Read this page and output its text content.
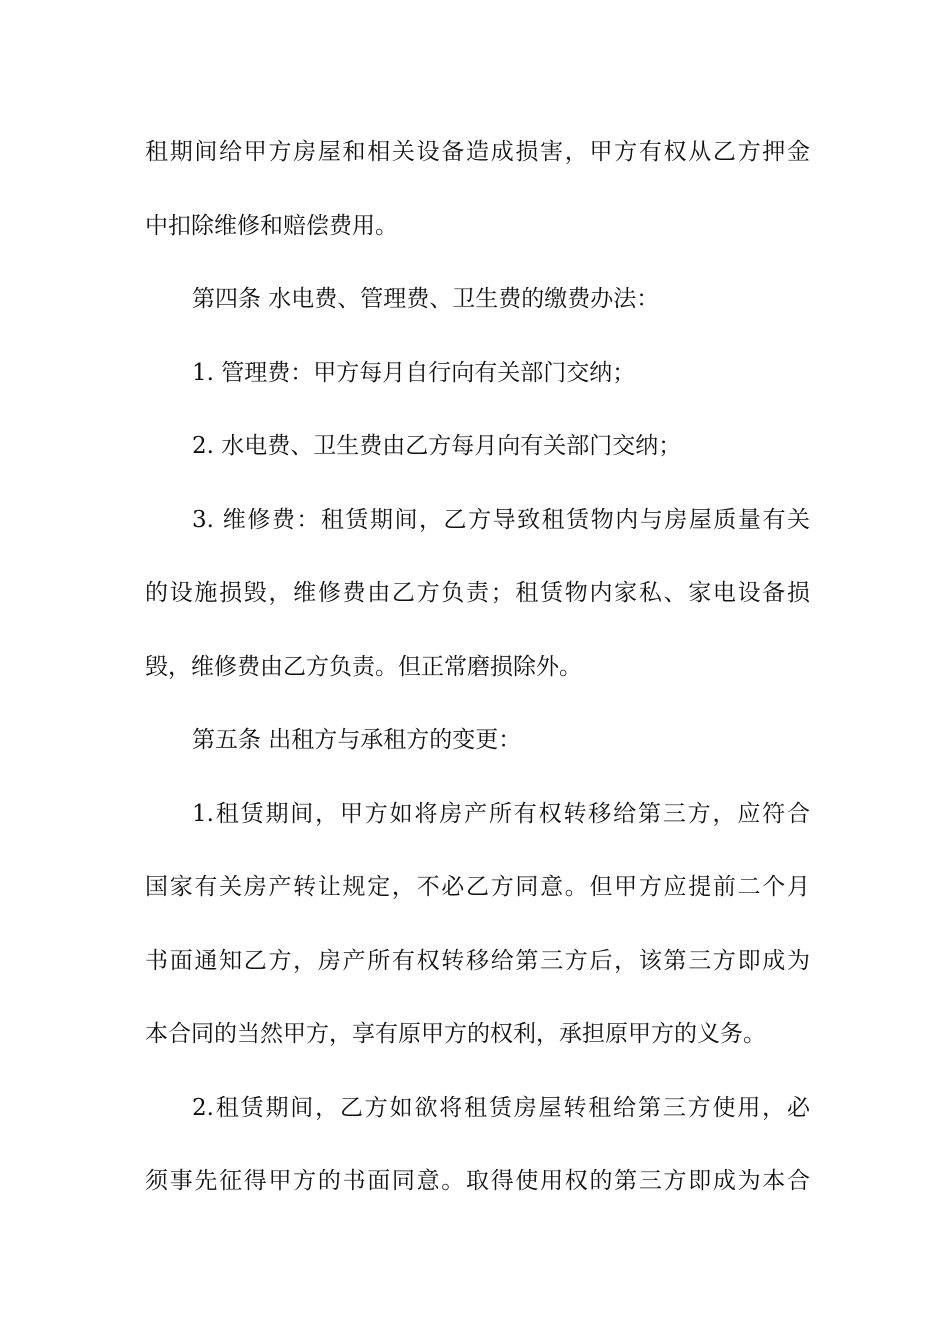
租期间给甲方房屋和相关设备造成损害，甲方有权从乙方押金
中扣除维修和赔偿费用。
第四条 水电费、管理费、卫生费的缴费办法：
1. 管理费：甲方每月自行向有关部门交纳；
2. 水电费、卫生费由乙方每月向有关部门交纳；
3. 维修费：租赁期间，乙方导致租赁物内与房屋质量有关
的设施损毁，维修费由乙方负责；租赁物内家私、家电设备损
毁，维修费由乙方负责。但正常磨损除外。
第五条 出租方与承租方的变更：
1.租赁期间，甲方如将房产所有权转移给第三方，应符合
国家有关房产转让规定，不必乙方同意。但甲方应提前二个月
书面通知乙方，房产所有权转移给第三方后，该第三方即成为
本合同的当然甲方，享有原甲方的权利，承担原甲方的义务。
2.租赁期间，乙方如欲将租赁房屋转租给第三方使用，必
须事先征得甲方的书面同意。取得使用权的第三方即成为本合
